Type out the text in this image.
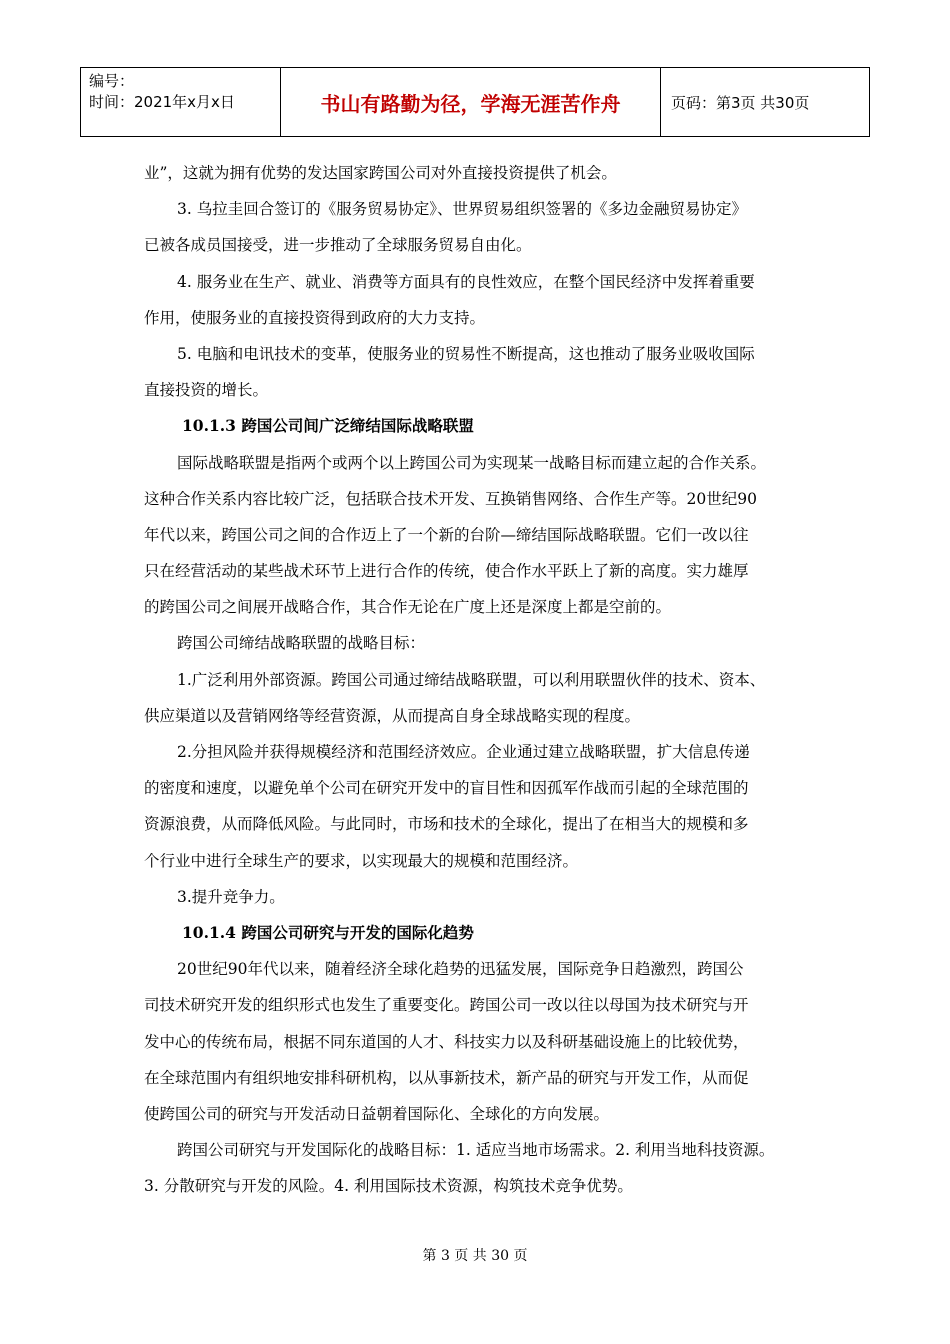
编号：
时间：2021年x月x日	书山有路勤为径，学海无涯苦作舟	页码：第3页 共30页
业”，这就为拥有优势的发达国家跨国公司对外直接投资提供了机会。
3. 乌拉圭回合签订的《服务贸易协定》、世界贸易组织签署的《多边金融贸易协定》
已被各成员国接受，进一步推动了全球服务贸易自由化。
4. 服务业在生产、就业、消费等方面具有的良性效应，在整个国民经济中发挥着重要
作用，使服务业的直接投资得到政府的大力支持。
5. 电脑和电讯技术的变革，使服务业的贸易性不断提高，这也推动了服务业吸收国际
直接投资的增长。
10.1.3 跨国公司间广泛缔结国际战略联盟
国际战略联盟是指两个或两个以上跨国公司为实现某一战略目标而建立起的合作关系。
这种合作关系内容比较广泛，包括联合技术开发、互换销售网络、合作生产等。20世纪90
年代以来，跨国公司之间的合作迈上了一个新的台阶—缔结国际战略联盟。它们一改以往
只在经营活动的某些战术环节上进行合作的传统，使合作水平跃上了新的高度。实力雄厚
的跨国公司之间展开战略合作，其合作无论在广度上还是深度上都是空前的。
跨国公司缔结战略联盟的战略目标：
1.广泛利用外部资源。跨国公司通过缔结战略联盟，可以利用联盟伙伴的技术、资本、
供应渠道以及营销网络等经营资源，从而提高自身全球战略实现的程度。
2.分担风险并获得规模经济和范围经济效应。企业通过建立战略联盟，扩大信息传递
的密度和速度，以避免单个公司在研究开发中的盲目性和因孤军作战而引起的全球范围的
资源浪费，从而降低风险。与此同时，市场和技术的全球化，提出了在相当大的规模和多
个行业中进行全球生产的要求，以实现最大的规模和范围经济。
3.提升竞争力。
10.1.4 跨国公司研究与开发的国际化趋势
20世纪90年代以来，随着经济全球化趋势的迅猛发展，国际竞争日趋激烈，跨国公
司技术研究开发的组织形式也发生了重要变化。跨国公司一改以往以母国为技术研究与开
发中心的传统布局，根据不同东道国的人才、科技实力以及科研基础设施上的比较优势，
在全球范围内有组织地安排科研机构，以从事新技术，新产品的研究与开发工作，从而促
使跨国公司的研究与开发活动日益朝着国际化、全球化的方向发展。
跨国公司研究与开发国际化的战略目标：1. 适应当地市场需求。2. 利用当地科技资源。
3. 分散研究与开发的风险。4. 利用国际技术资源，构筑技术竞争优势。
第 3 页 共 30 页
